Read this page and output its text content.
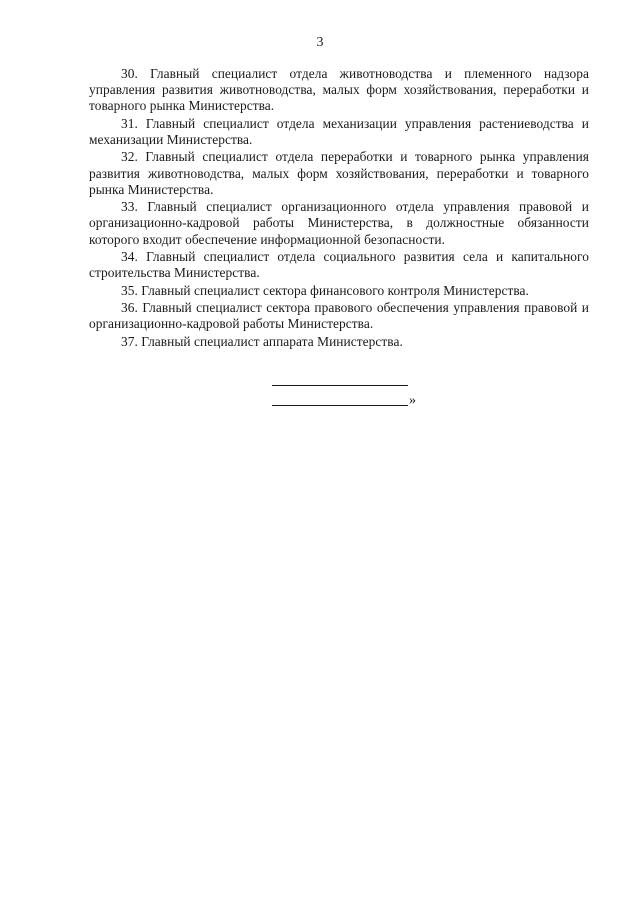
3
30. Главный специалист отдела животноводства и племенного надзора управления развития животноводства, малых форм хозяйствования, переработки и товарного рынка Министерства.
31. Главный специалист отдела механизации управления растениеводства и механизации Министерства.
32. Главный специалист отдела переработки и товарного рынка управления развития животноводства, малых форм хозяйствования, переработки и товарного рынка Министерства.
33. Главный специалист организационного отдела управления правовой и организационно-кадровой работы Министерства, в должностные обязанности которого входит обеспечение информационной безопасности.
34. Главный специалист отдела социального развития села и капитального строительства Министерства.
35. Главный специалист сектора финансового контроля Министерства.
36. Главный специалист сектора правового обеспечения управления правовой и организационно-кадровой работы Министерства.
37. Главный специалист аппарата Министерства.
»
